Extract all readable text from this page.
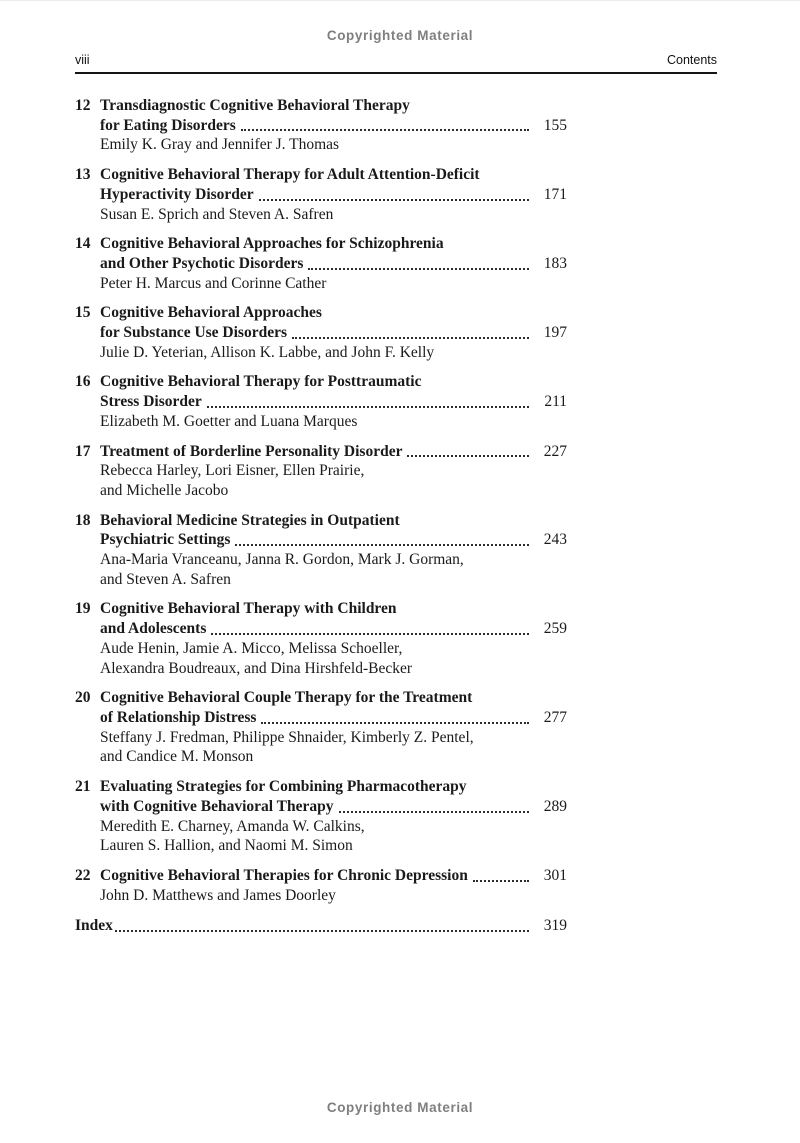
Copyrighted Material
viii	Contents
12 Transdiagnostic Cognitive Behavioral Therapy
for Eating Disorders	155
Emily K. Gray and Jennifer J. Thomas
13 Cognitive Behavioral Therapy for Adult Attention-Deficit
Hyperactivity Disorder	171
Susan E. Sprich and Steven A. Safren
14 Cognitive Behavioral Approaches for Schizophrenia
and Other Psychotic Disorders	183
Peter H. Marcus and Corinne Cather
15 Cognitive Behavioral Approaches
for Substance Use Disorders	197
Julie D. Yeterian, Allison K. Labbe, and John F. Kelly
16 Cognitive Behavioral Therapy for Posttraumatic
Stress Disorder	211
Elizabeth M. Goetter and Luana Marques
17 Treatment of Borderline Personality Disorder	227
Rebecca Harley, Lori Eisner, Ellen Prairie,
and Michelle Jacobo
18 Behavioral Medicine Strategies in Outpatient
Psychiatric Settings	243
Ana-Maria Vranceanu, Janna R. Gordon, Mark J. Gorman,
and Steven A. Safren
19 Cognitive Behavioral Therapy with Children
and Adolescents	259
Aude Henin, Jamie A. Micco, Melissa Schoeller,
Alexandra Boudreaux, and Dina Hirshfeld-Becker
20 Cognitive Behavioral Couple Therapy for the Treatment
of Relationship Distress	277
Steffany J. Fredman, Philippe Shnaider, Kimberly Z. Pentel,
and Candice M. Monson
21 Evaluating Strategies for Combining Pharmacotherapy
with Cognitive Behavioral Therapy	289
Meredith E. Charney, Amanda W. Calkins,
Lauren S. Hallion, and Naomi M. Simon
22 Cognitive Behavioral Therapies for Chronic Depression	301
John D. Matthews and James Doorley
Index	319
Copyrighted Material
